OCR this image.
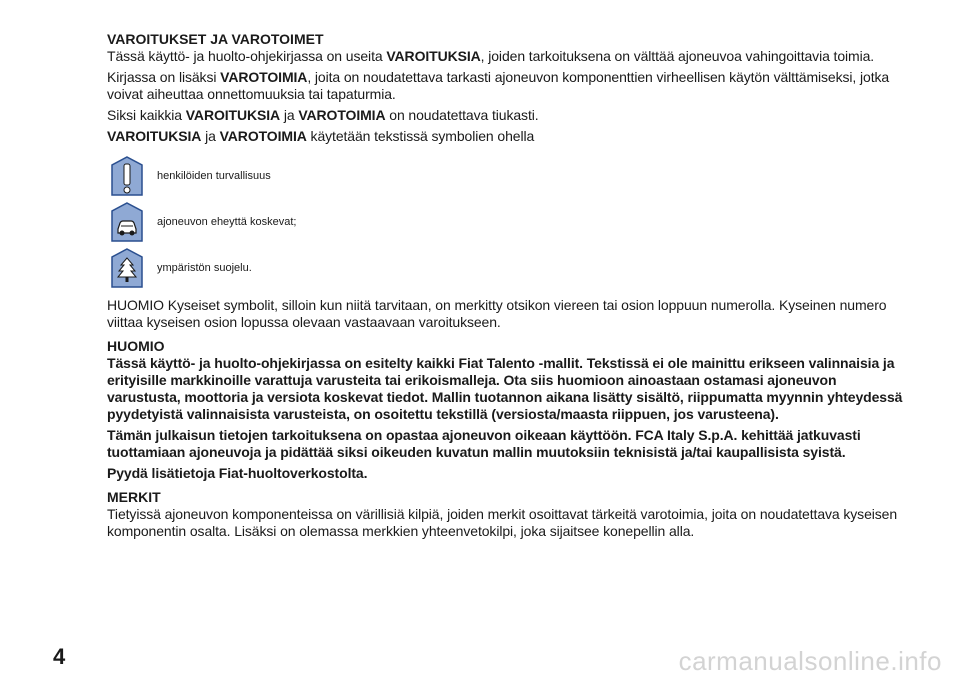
VAROITUKSET JA VAROTOIMET

Tässä käyttö- ja huolto-ohjekirjassa on useita VAROITUKSIA, joiden tarkoituksena on välttää ajoneuvoa vahingoittavia toimia.

Kirjassa on lisäksi VAROTOIMIA, joita on noudatettava tarkasti ajoneuvon komponenttien virheellisen käytön välttämiseksi, jotka voivat aiheuttaa onnettomuuksia tai tapaturmia.

Siksi kaikkia VAROITUKSIA ja VAROTOIMIA on noudatettava tiukasti.

VAROITUKSIA ja VAROTOIMIA käytetään tekstissä symbolien ohella

henkilöiden turvallisuus
ajoneuvon eheyttä koskevat;
ympäristön suojelu.

HUOMIO Kyseiset symbolit, silloin kun niitä tarvitaan, on merkitty otsikon viereen tai osion loppuun numerolla. Kyseinen numero viittaa kyseisen osion lopussa olevaan vastaavaan varoitukseen.

HUOMIO

Tässä käyttö- ja huolto-ohjekirjassa on esitelty kaikki Fiat Talento -mallit. Tekstissä ei ole mainittu erikseen valinnaisia ja erityisille markkinoille varattuja varusteita tai erikoismalleja. Ota siis huomioon ainoastaan ostamasi ajoneuvon varustusta, moottoria ja versiota koskevat tiedot. Mallin tuotannon aikana lisätty sisältö, riippumatta myynnin yhteydessä pyydetyistä valinnaisista varusteista, on osoitettu tekstillä (versiosta/maasta riippuen, jos varusteena).

Tämän julkaisun tietojen tarkoituksena on opastaa ajoneuvon oikeaan käyttöön. FCA Italy S.p.A. kehittää jatkuvasti tuottamiaan ajoneuvoja ja pidättää siksi oikeuden kuvatun mallin muutoksiin teknisistä ja/tai kaupallisista syistä.

Pyydä lisätietoja Fiat-huoltoverkostolta.

MERKIT

Tietyissä ajoneuvon komponenteissa on värillisiä kilpiä, joiden merkit osoittavat tärkeitä varotoimia, joita on noudatettava kyseisen komponentin osalta. Lisäksi on olemassa merkkien yhteenvetokilpi, joka sijaitsee konepellin alla.

4	carmanualsonline.info
